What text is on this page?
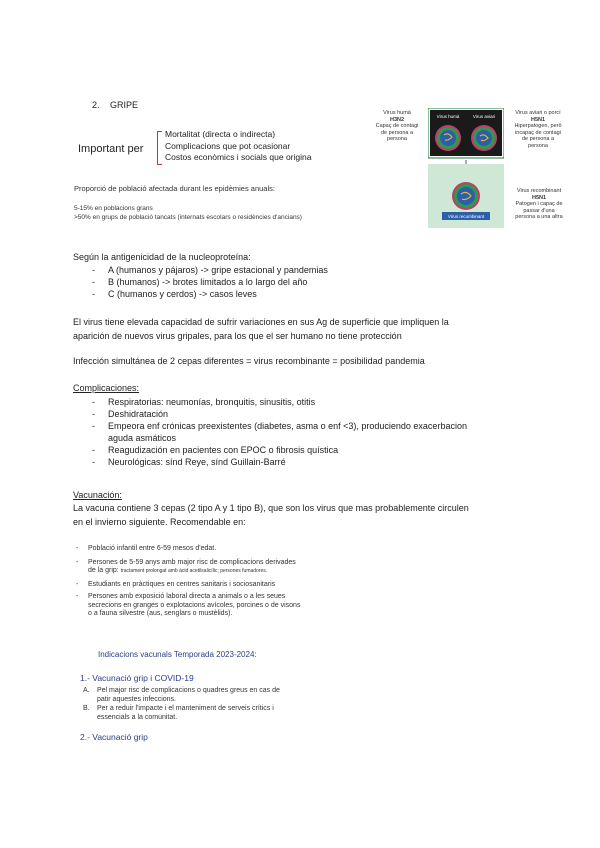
2. GRIPE
Important per
Mortalitat (directa o indirecta)
Complicacions que pot ocasionar
Costos econòmics i socials que origina
Proporció de població afectada durant les epidèmies anuals:
5-15% en poblacions grans
>50% en grups de població tancats (internats escolars o residències d'ancians)
Virus humà
H3N2
Capaç de contagi
de persona a
persona
Virus aviari o porcí
H5N1
Hiperpatogen, però
incapaç de contagi
de persona a
persona
Virus recombinant
H5N1
Patogen i capaç de
passar d'una
persona a una altra
Virus humà	Virus aviari
Virus recombinant
Según la antigenicidad de la nucleoproteína:
- A (humanos y pájaros) -> gripe estacional y pandemias
- B (humanos) -> brotes limitados a lo largo del año
- C (humanos y cerdos) -> casos leves
El virus tiene elevada capacidad de sufrir variaciones en sus Ag de superficie que impliquen la
aparición de nuevos virus gripales, para los que el ser humano no tiene protección
Infección simultánea de 2 cepas diferentes = virus recombinante = posibilidad pandemia
Complicaciones:
- Respiratorias: neumonías, bronquitis, sinusitis, otitis
- Deshidratación
- Empeora enf crónicas preexistentes (diabetes, asma o enf <3), produciendo exacerbacion
aguda asmáticos
- Reagudización en pacientes con EPOC o fibrosis quística
- Neurológicas: sínd Reye, sínd Guillain-Barré
Vacunación:
La vacuna contiene 3 cepas (2 tipo A y 1 tipo B), que son los virus que mas probablemente circulen
en el invierno siguiente. Recomendable en:
- Població infantil entre 6-59 mesos d'edat.
- Persones de 5-59 anys amb major risc de complicacions derivades
de la grip: tractament prolongat amb àcid acetilsalicílic; persones fumadores.
- Estudiants en pràctiques en centres sanitaris i sociosanitaris
- Persones amb exposició laboral directa a animals o a les seues
secrecions en granges o explotacions avícoles, porcines o de visons
o a fauna silvestre (aus, senglars o mustèlids).
Indicacions vacunals Temporada 2023-2024:
1.- Vacunació grip i COVID-19
A. Pel major risc de complicacions o quadres greus en cas de
patir aquestes infeccions.
B. Per a reduir l'impacte i el manteniment de serveis crítics i
essencials a la comunitat.
2.- Vacunació grip
